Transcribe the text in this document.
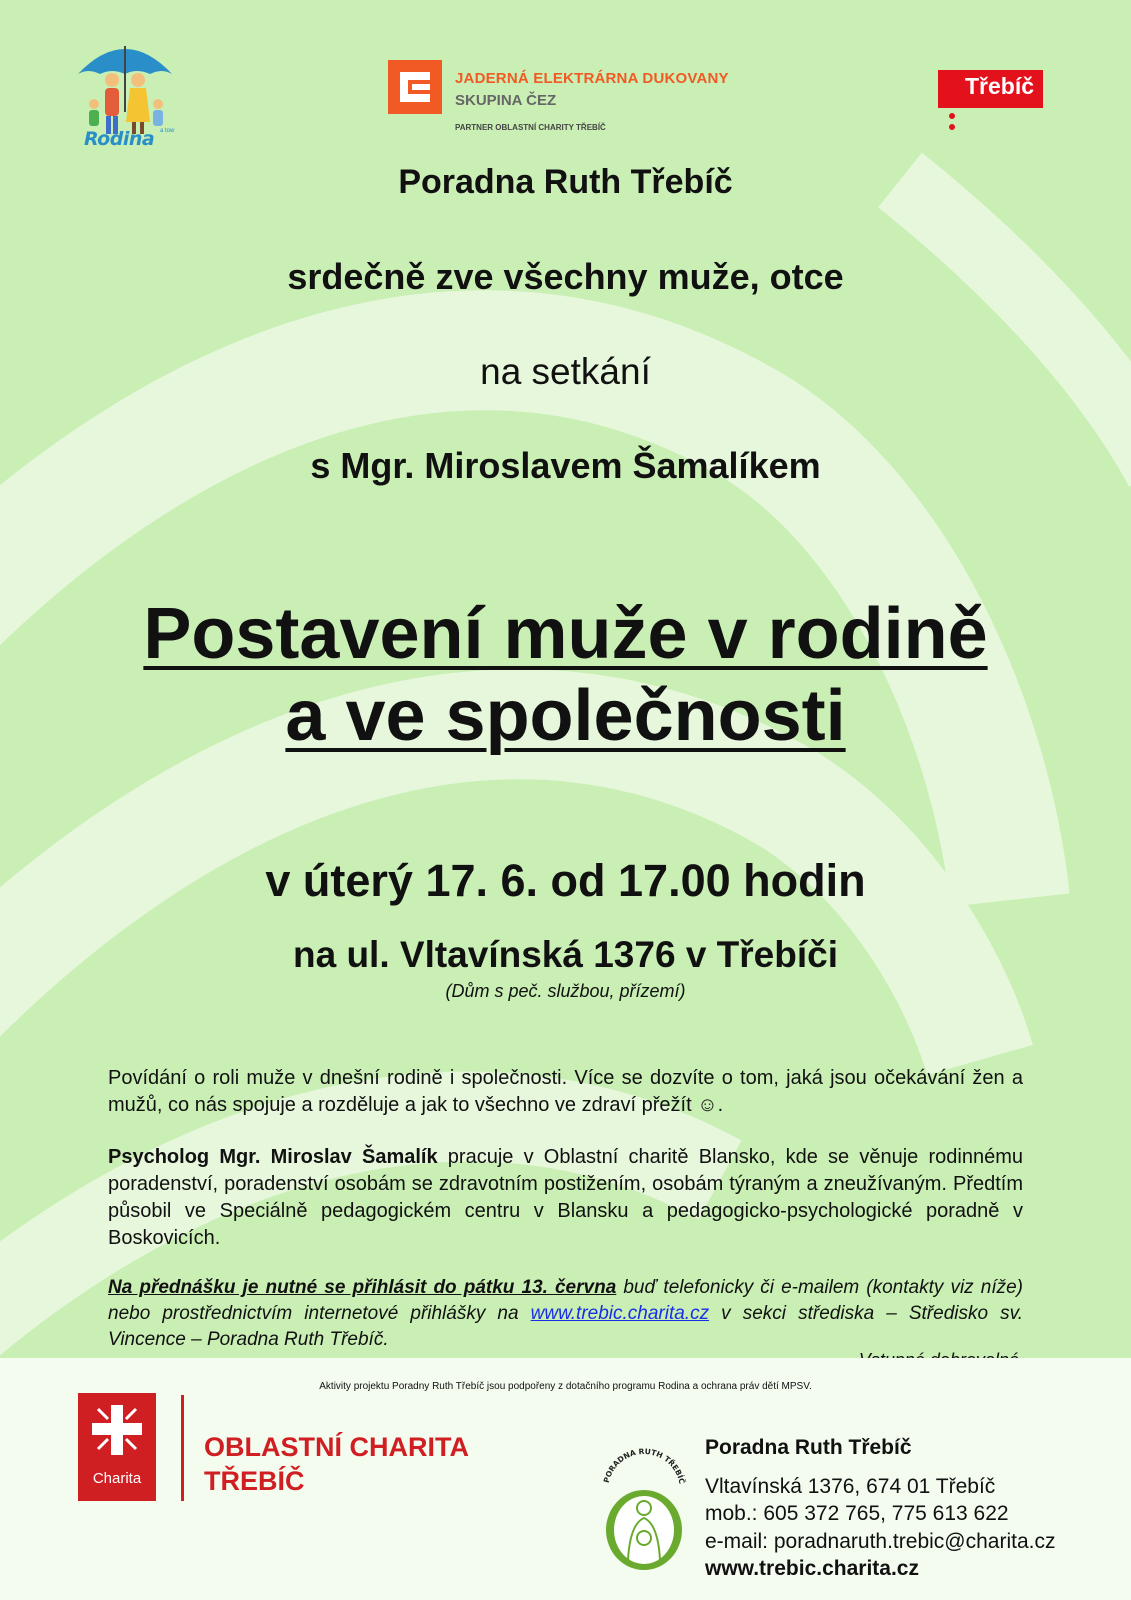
Rodina a tow
JADERNÁ ELEKTRÁRNA DUKOVANY
SKUPINA ČEZ
PARTNER OBLASTNÍ CHARITY TŘEBÍČ
Třebíč
Poradna Ruth Třebíč
srdečně zve všechny muže, otce
na setkání
s Mgr. Miroslavem Šamalíkem
Postavení muže v rodině
a ve společnosti
v úterý 17. 6. od 17.00 hodin
na ul. Vltavínská 1376 v Třebíči
(Dům s peč. službou, přízemí)
Povídání o roli muže v dnešní rodině i společnosti. Více se dozvíte o tom, jaká jsou očekávání žen a mužů, co nás spojuje a rozděluje a jak to všechno ve zdraví přežít ☺.
Psycholog Mgr. Miroslav Šamalík pracuje v Oblastní charitě Blansko, kde se věnuje rodinnému poradenství, poradenství osobám se zdravotním postižením, osobám týraným a zneužívaným. Předtím působil ve Speciálně pedagogickém centru v Blansku a pedagogicko-psychologické poradně v Boskovicích.
Na přednášku je nutné se přihlásit do pátku 13. června buď telefonicky či e-mailem (kontakty viz níže) nebo prostřednictvím internetové přihlášky na www.trebic.charita.cz v sekci střediska – Středisko sv. Vincence – Poradna Ruth Třebíč.
Aktivity projektu Poradny Ruth Třebíč jsou podpořeny z dotačního programu Rodina a ochrana práv dětí MPSV.
Charita
OBLASTNÍ CHARITA
TŘEBÍČ	PORADNA RUTH TŘEBÍČ
Poradna Ruth Třebíč
Vltavínská 1376, 674 01 Třebíč
mob.: 605 372 765, 775 613 622
e-mail: poradnaruth.trebic@charita.cz
www.trebic.charita.cz
